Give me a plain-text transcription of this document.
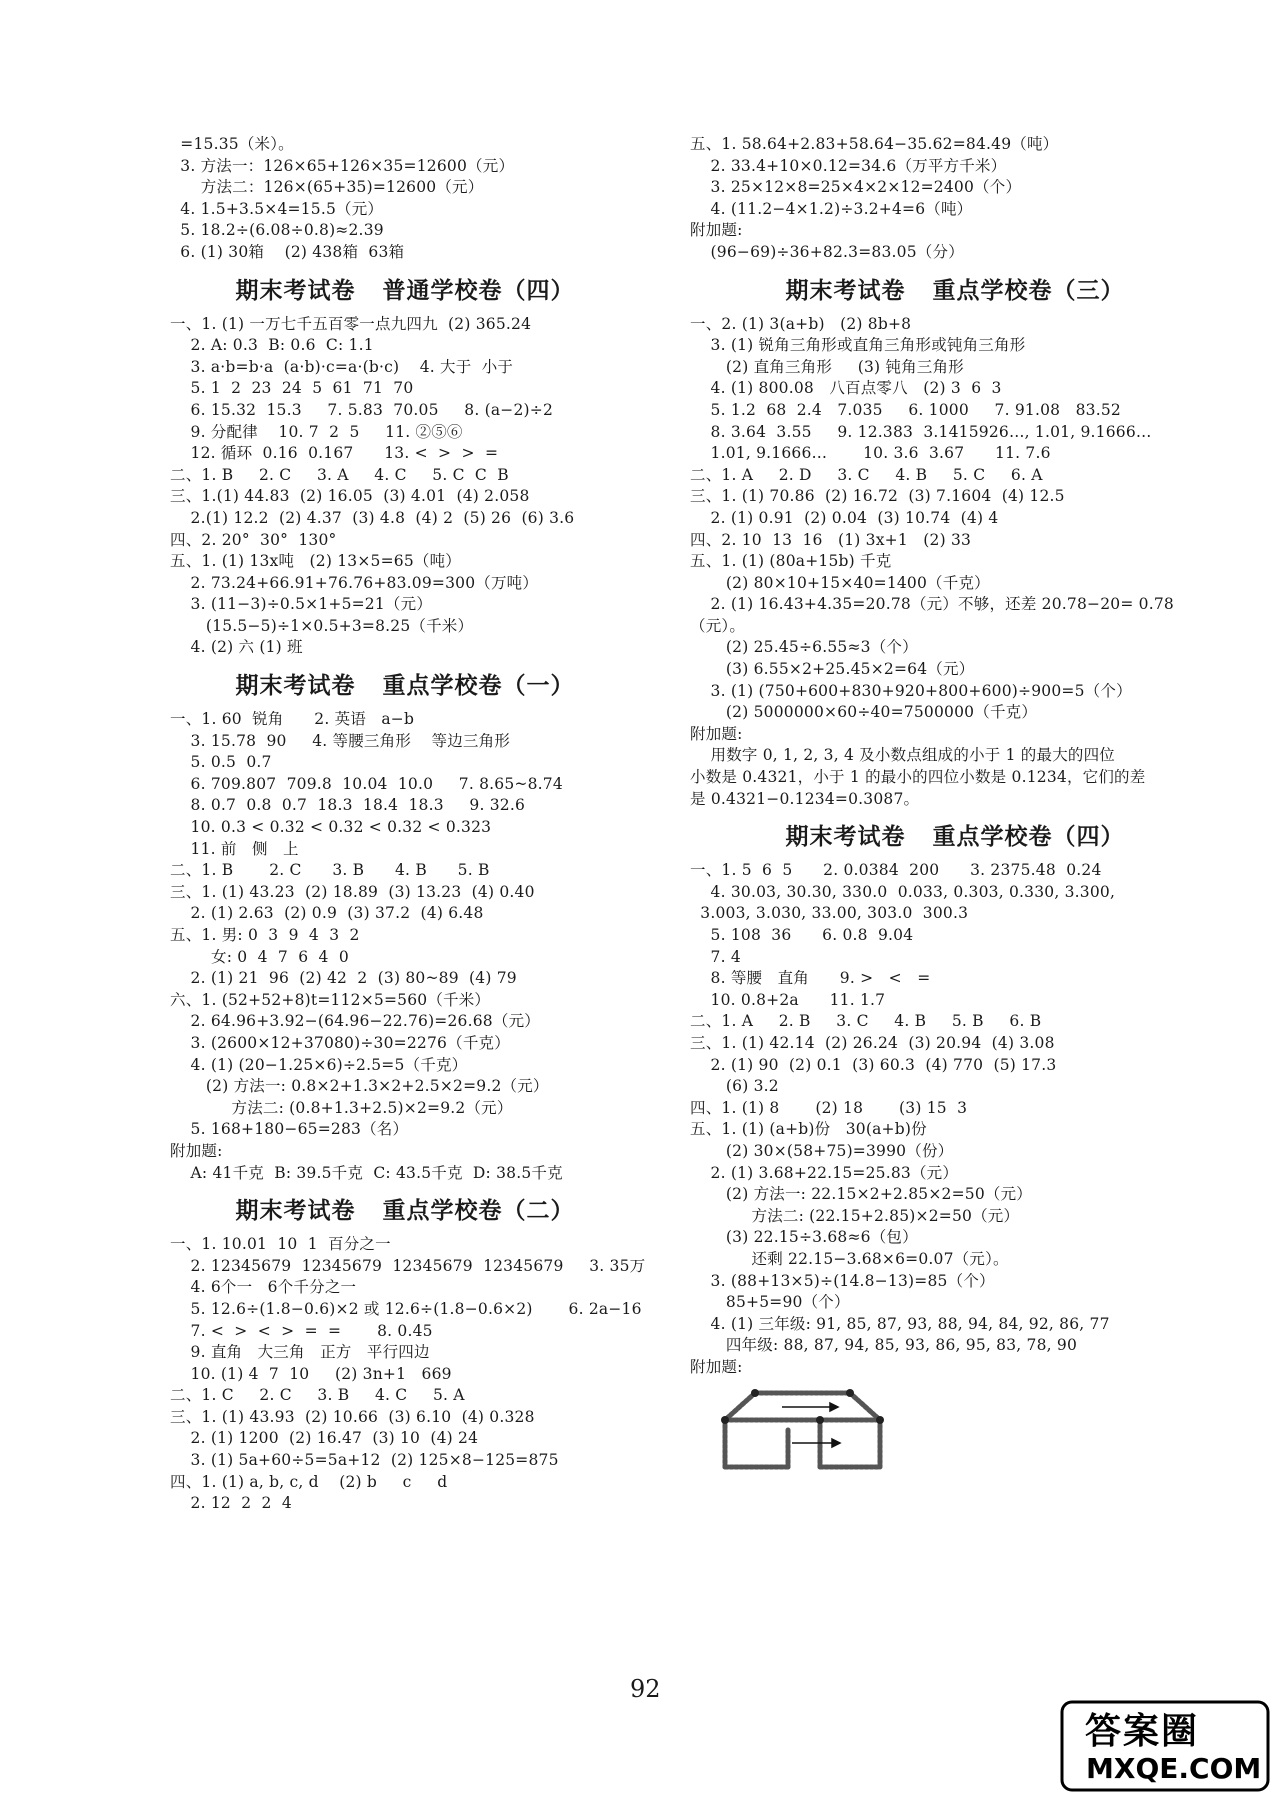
=15.35（米）。
3. 方法一：126×65+126×35=12600（元）
方法二：126×(65+35)=12600（元）
4. 1.5+3.5×4=15.5（元）
5. 18.2÷(6.08÷0.8)≈2.39
6. (1) 30箱    (2) 438箱  63箱
期末考试卷   普通学校卷（四）
一、1. (1) 一万七千五百零一点九四九  (2) 365.24
2. A: 0.3  B: 0.6  C: 1.1
3. a·b=b·a  (a·b)·c=a·(b·c)    4. 大于  小于
5. 1  2  23  24  5  61  71  70
6. 15.32  15.3     7. 5.83  70.05     8. (a−2)÷2
9. 分配律    10. 7  2  5     11. ②⑤⑥
12. 循环  0.16  0.167      13. <  >  >  =
二、1. B     2. C     3. A     4. C     5. C  C  B
三、1.(1) 44.83  (2) 16.05  (3) 4.01  (4) 2.058
2.(1) 12.2  (2) 4.37  (3) 4.8  (4) 2  (5) 26  (6) 3.6
四、2. 20°  30°  130°
五、1. (1) 13x吨   (2) 13×5=65（吨）
2. 73.24+66.91+76.76+83.09=300（万吨）
3. (11−3)÷0.5×1+5=21（元）
(15.5−5)÷1×0.5+3=8.25（千米）
4. (2) 六 (1) 班
期末考试卷   重点学校卷（一）
一、1. 60  锐角      2. 英语   a−b
3. 15.78  90     4. 等腰三角形    等边三角形
5. 0.5  0.7
6. 709.807  709.8  10.04  10.0     7. 8.65~8.74
8. 0.7  0.8  0.7  18.3  18.4  18.3     9. 32.6
10. 0.3 < 0.32 < 0.32 < 0.32 < 0.323
11. 前   侧   上
二、1. B       2. C      3. B      4. B      5. B
三、1. (1) 43.23  (2) 18.89  (3) 13.23  (4) 0.40
2. (1) 2.63  (2) 0.9  (3) 37.2  (4) 6.48
五、1. 男: 0  3  9  4  3  2
女: 0  4  7  6  4  0
2. (1) 21  96  (2) 42  2  (3) 80~89  (4) 79
六、1. (52+52+8)t=112×5=560（千米）
2. 64.96+3.92−(64.96−22.76)=26.68（元）
3. (2600×12+37080)÷30=2276（千克）
4. (1) (20−1.25×6)÷2.5=5（千克）
(2) 方法一: 0.8×2+1.3×2+2.5×2=9.2（元）
方法二: (0.8+1.3+2.5)×2=9.2（元）
5. 168+180−65=283（名）
附加题:
A: 41千克  B: 39.5千克  C: 43.5千克  D: 38.5千克
期末考试卷   重点学校卷（二）
一、1. 10.01  10  1  百分之一
2. 12345679  12345679  12345679  12345679     3. 35万
4. 6个一   6个千分之一
5. 12.6÷(1.8−0.6)×2 或 12.6÷(1.8−0.6×2)       6. 2a−16
7. <  >  <  >  =  =       8. 0.45
9. 直角   大三角   正方   平行四边
10. (1) 4  7  10     (2) 3n+1   669
二、1. C     2. C     3. B     4. C     5. A
三、1. (1) 43.93  (2) 10.66  (3) 6.10  (4) 0.328
2. (1) 1200  (2) 16.47  (3) 10  (4) 24
3. (1) 5a+60÷5=5a+12  (2) 125×8−125=875
四、1. (1) a, b, c, d    (2) b     c     d
2. 12  2  2  4
五、1. 58.64+2.83+58.64−35.62=84.49（吨）
2. 33.4+10×0.12=34.6（万平方千米）
3. 25×12×8=25×4×2×12=2400（个）
4. (11.2−4×1.2)÷3.2+4=6（吨）
附加题:
(96−69)÷36+82.3=83.05（分）
期末考试卷   重点学校卷（三）
一、2. (1) 3(a+b)   (2) 8b+8
3. (1) 锐角三角形或直角三角形或钝角三角形
(2) 直角三角形     (3) 钝角三角形
4. (1) 800.08   八百点零八   (2) 3  6  3
5. 1.2  68  2.4   7.035     6. 1000     7. 91.08   83.52
8. 3.64  3.55     9. 12.383  3.1415926…, 1.01, 9.1666…
1.01, 9.1666…       10. 3.6  3.67      11. 7.6
二、1. A     2. D     3. C     4. B     5. C     6. A
三、1. (1) 70.86  (2) 16.72  (3) 7.1604  (4) 12.5
2. (1) 0.91  (2) 0.04  (3) 10.74  (4) 4
四、2. 10  13  16   (1) 3x+1   (2) 33
五、1. (1) (80a+15b) 千克
(2) 80×10+15×40=1400（千克）
2. (1) 16.43+4.35=20.78（元）不够，还差 20.78−20= 0.78
（元）。
(2) 25.45÷6.55≈3（个）
(3) 6.55×2+25.45×2=64（元）
3. (1) (750+600+830+920+800+600)÷900=5（个）
(2) 5000000×60÷40=7500000（千克）
附加题:
用数字 0, 1, 2, 3, 4 及小数点组成的小于 1 的最大的四位
小数是 0.4321，小于 1 的最小的四位小数是 0.1234，它们的差
是 0.4321−0.1234=0.3087。
期末考试卷   重点学校卷（四）
一、1. 5  6  5      2. 0.0384  200      3. 2375.48  0.24
4. 30.03, 30.30, 330.0  0.033, 0.303, 0.330, 3.300,
3.003, 3.030, 33.00, 303.0  300.3
5. 108  36      6. 0.8  9.04
7. 4
8. 等腰   直角      9. >   <   =
10. 0.8+2a      11. 1.7
二、1. A     2. B     3. C     4. B     5. B     6. B
三、1. (1) 42.14  (2) 26.24  (3) 20.94  (4) 3.08
2. (1) 90  (2) 0.1  (3) 60.3  (4) 770  (5) 17.3
(6) 3.2
四、1. (1) 8       (2) 18       (3) 15  3
五、1. (1) (a+b)份   30(a+b)份
(2) 30×(58+75)=3990（份）
2. (1) 3.68+22.15=25.83（元）
(2) 方法一: 22.15×2+2.85×2=50（元）
方法二: (22.15+2.85)×2=50（元）
(3) 22.15÷3.68≈6（包）
还剩 22.15−3.68×6=0.07（元）。
3. (88+13×5)÷(14.8−13)=85（个）
85+5=90（个）
4. (1) 三年级: 91, 85, 87, 93, 88, 94, 84, 92, 86, 77
四年级: 88, 87, 94, 85, 93, 86, 95, 83, 78, 90
附加题:
92
答案圈
MXQE.COM
